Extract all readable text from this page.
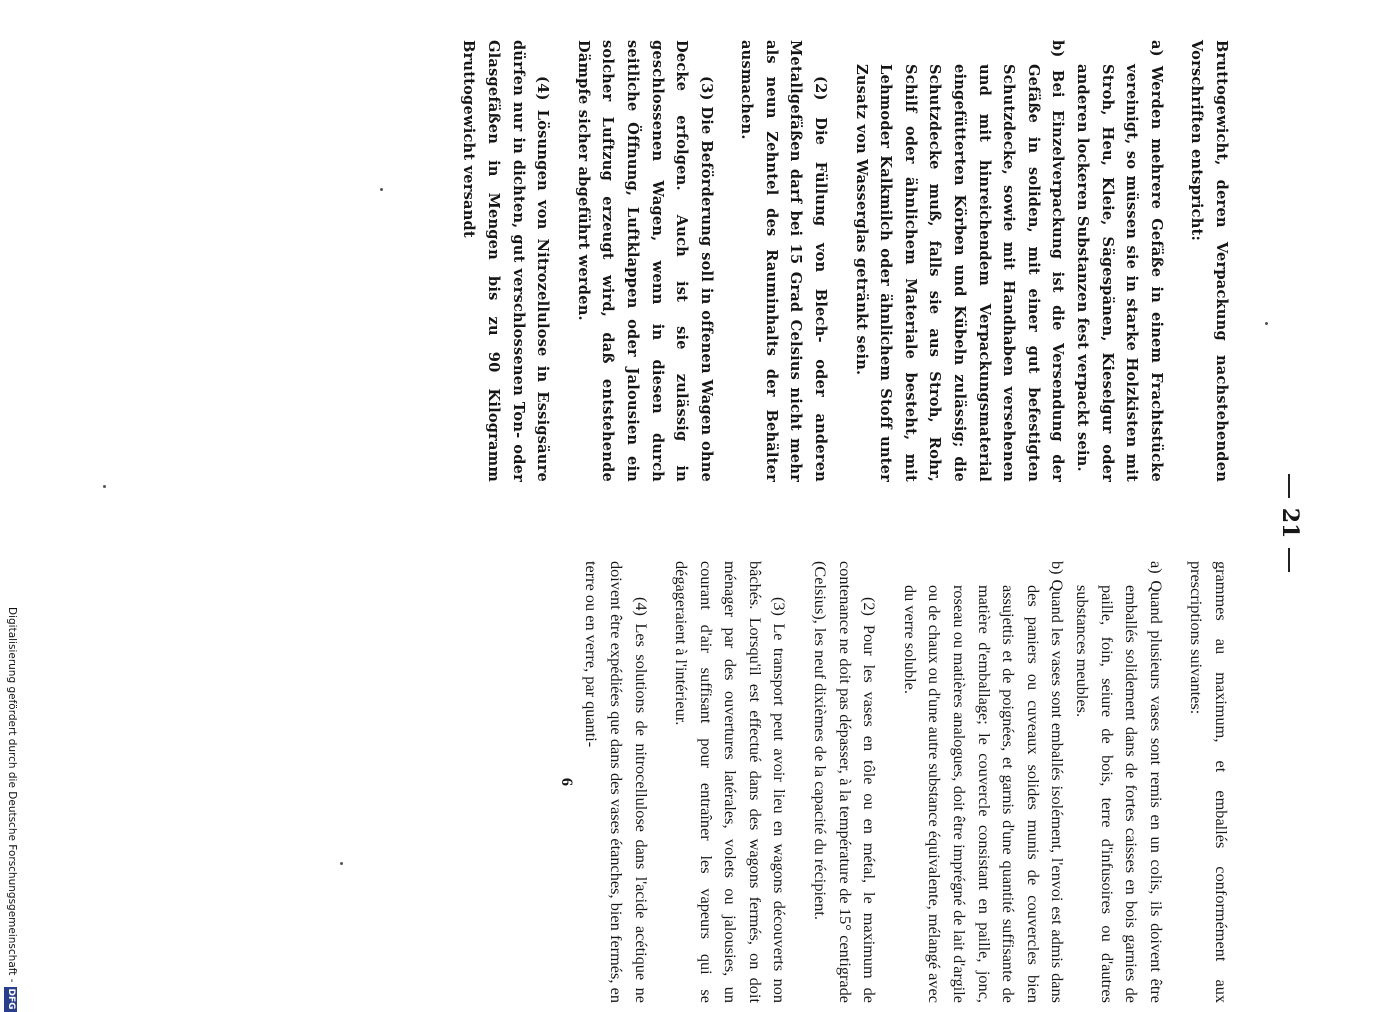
21

grammes au maximum, et emballés conformément aux prescriptions suivantes:

a) Quand plusieurs vases sont remis en un colis, ils doivent être emballés solidement dans de fortes caisses en bois garnies de paille, foin, seiure de bois, terre d'infusoires ou d'autres substances meubles.

b) Quand les vases sont emballés isolément, l'envoi est admis dans des paniers ou cuveaux solides munis de couvercles bien assujettis et de poignées, et garnis d'une quantité suffisante de matière d'emballage; le couvercle consistant en paille, jonc, roseau ou matières analogues, doit être imprégné de lait d'argile ou de chaux ou d'une autre substance équivalente, mélangé avec du verre soluble.

(2) Pour les vases en tôle ou en métal, le maximum de contenance ne doit pas dépasser, à la température de 15° centigrade (Celsius), les neuf dixièmes de la capacité du récipient.

(3) Le transport peut avoir lieu en wagons découverts non bâchés. Lorsqu'il est effectué dans des wagons fermés, on doit ménager par des ouvertures latérales, volets ou jalousies, un courant d'air suffisant pour entraîner les vapeurs qui se dégageraient à l'intérieur.

(4) Les solutions de nitrocellulose dans l'acide acétique ne doivent être expédiées que dans des vases étanches, bien fermés, en terre ou en verre, par quanti-

6

Bruttogewicht, deren Verpackung nachstehenden Vorschriften entspricht:

a) Werden mehrere Gefäße in einem Frachtstücke vereinigt, so müssen sie in starke Holzkisten mit Stroh, Heu, Kleie, Sägespänen, Kieselgur oder anderen lockeren Substanzen fest verpackt sein.

b) Bei Einzelverpackung ist die Versendung der Gefäße in soliden, mit einer gut befestigten Schutzdecke, sowie mit Handhaben versehenen und mit hinreichendem Verpackungsmaterial eingefütterten Körben und Kübeln zulässig; die Schutzdecke muß, falls sie aus Stroh, Rohr, Schilf oder ähnlichem Materiale besteht, mit Lehmoder Kalkmilch oder ähnlichem Stoff unter Zusatz von Wasserglas getränkt sein.

(2) Die Füllung von Blech- oder anderen Metallgefäßen darf bei 15 Grad Celsius nicht mehr als neun Zehntel des Rauminhalts der Behälter ausmachen.

(3) Die Beförderung soll in offenen Wagen ohne Decke erfolgen. Auch ist sie zulässig in geschlossenen Wagen, wenn in diesen durch seitliche Öffnung, Luftklappen oder Jalousien ein solcher Luftzug erzeugt wird, daß entstehende Dämpfe sicher abgeführt werden.

(4) Lösungen von Nitrozellulose in Essigsäure dürfen nur in dichten, gut verschlossenen Ton- oder Glasgefäßen in Mengen bis zu 90 Kilogramm Bruttogewicht versandt

Digitalisierung gefördert durch die Deutsche Forschungsgemeinschaft -DFG
